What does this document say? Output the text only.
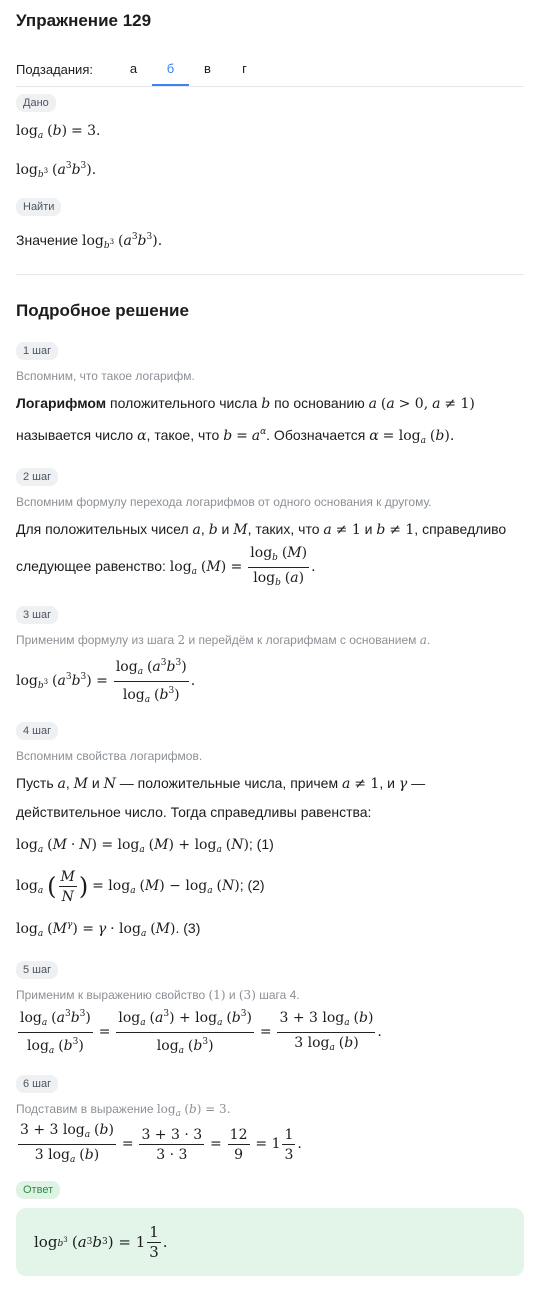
Упражнение 129
Подзадания:	а	б	в	г
Дано
$\log_a (b) = 3$.
$\log_{b^3} (a^3b^3)$.
Найти
Значение $\log_{b^3} (a^3b^3)$.
Подробное решение
1 шаг
Вспомним, что такое логарифм.
Логарифмом положительного числа b по основанию a (a > 0, a ≠ 1)
называется число α, такое, что $b = a^\alpha$. Обозначается $\alpha = \log_a (b)$.
2 шаг
Вспомним формулу перехода логарифмов от одного основания к другому.
Для положительных чисел a, b и M, таких, что a ≠ 1 и b ≠ 1, справедливо
следующее равенство: $\log_a (M) = \frac{\log_b (M)}{\log_b (a)}$ .
3 шаг
Применим формулу из шага 2 и перейдём к логарифмам с основанием a.
$\log_{b^3} (a^3b^3) = \frac{\log_a (a^3b^3)}{\log_a (b^3)}$ .
4 шаг
Вспомним свойства логарифмов.
Пусть a, M и N — положительные числа, причем a ≠ 1, и γ —
действительное число. Тогда справедливы равенства:
$\log_a (M \cdot N) = \log_a (M) + \log_a (N)$; (1)
$\log_a$ ( $\frac{M}{N}$ ) = $\log_a (M) - \log_a (N)$; (2)
$\log_a (M^\gamma) = \gamma \cdot \log_a (M)$. (3)
5 шаг
Применим к выражению свойство (1) и (3) шага 4.
$\frac{\log_a (a^3b^3)}{\log_a (b^3)} = \frac{\log_a (a^3) + \log_a (b^3)}{\log_a (b^3)} = \frac{3 + 3 \log_a (b)}{3 \log_a (b)}$ .
6 шаг
Подставим в выражение $\log_a (b) = 3$.
$\frac{3 + 3 \log_a (b)}{3 \log_a (b)} = \frac{3 + 3 \cdot 3}{3 \cdot 3} = \frac{12}{9} = 1 \frac{1}{3}$ .
Ответ
$\log b^3$
( a 3 b 3 ) = $1 \frac{1}{3}$ .
